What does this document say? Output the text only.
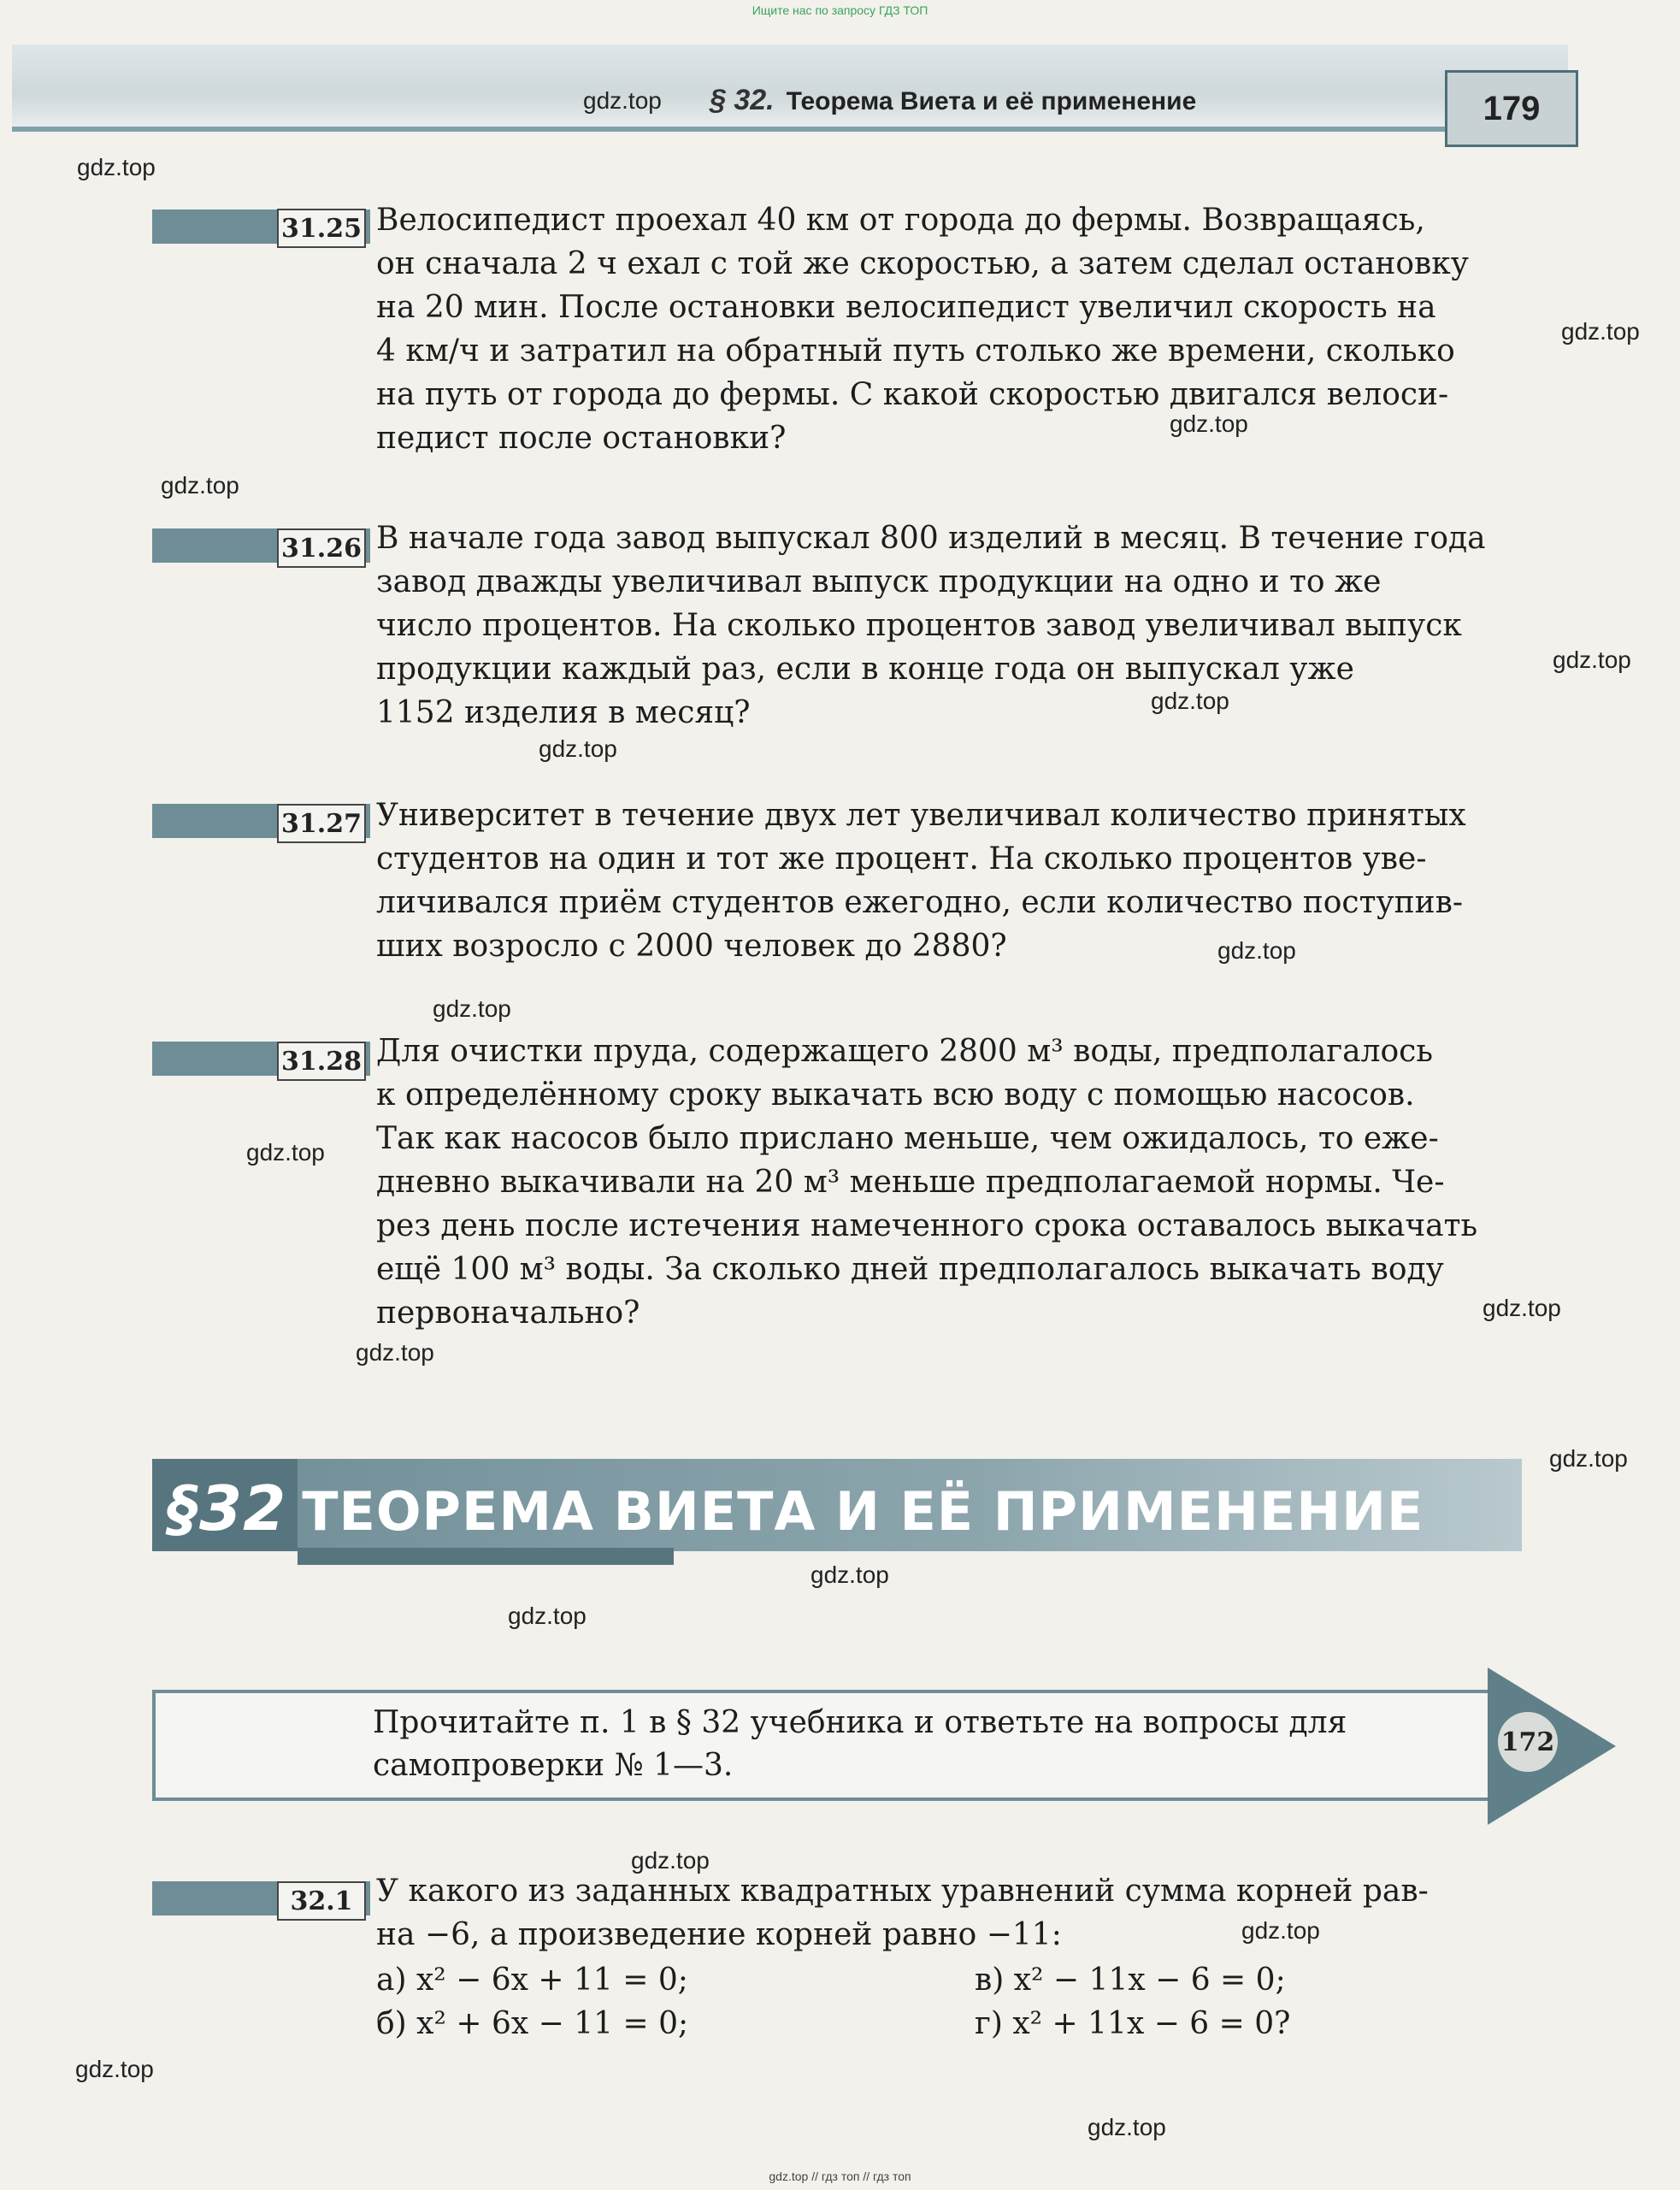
Ищите нас по запросу ГДЗ ТОП
§ 32. Теорема Виета и её применение	179
gdz.top
gdz.top
gdz.top
gdz.top
gdz.top
gdz.top
gdz.top
gdz.top
gdz.top
gdz.top
gdz.top
gdz.top
gdz.top
gdz.top
gdz.top
gdz.top
gdz.top
gdz.top
gdz.top
gdz.top
31.25 Велосипедист проехал 40 км от города до фермы. Возвращаясь,
он сначала 2 ч ехал с той же скоростью, а затем сделал остановку
на 20 мин. После остановки велосипедист увеличил скорость на
4 км/ч и затратил на обратный путь столько же времени, сколько
на путь от города до фермы. С какой скоростью двигался велоси-
педист после остановки?

31.26 В начале года завод выпускал 800 изделий в месяц. В течение года
завод дважды увеличивал выпуск продукции на одно и то же
число процентов. На сколько процентов завод увеличивал выпуск
продукции каждый раз, если в конце года он выпускал уже
1152 изделия в месяц?

31.27 Университет в течение двух лет увеличивал количество принятых
студентов на один и тот же процент. На сколько процентов уве-
личивался приём студентов ежегодно, если количество поступив-
ших возросло с 2000 человек до 2880?

31.28 Для очистки пруда, содержащего 2800 м³ воды, предполагалось
к определённому сроку выкачать всю воду с помощью насосов.
Так как насосов было прислано меньше, чем ожидалось, то еже-
дневно выкачивали на 20 м³ меньше предполагаемой нормы. Че-
рез день после истечения намеченного срока оставалось выкачать
ещё 100 м³ воды. За сколько дней предполагалось выкачать воду
первоначально?

§32 ТЕОРЕМА ВИЕТА И ЕЁ ПРИМЕНЕНИЕ

Прочитайте п. 1 в § 32 учебника и ответьте на вопросы для
самопроверки № 1—3.

172
32.1 У какого из заданных квадратных уравнений сумма корней рав-
на −6, а произведение корней равно −11:

а) x² − 6x + 11 = 0;	в) x² − 11x − 6 = 0;
б) x² + 6x − 11 = 0;	г) x² + 11x − 6 = 0?
gdz.top // гдз топ // гдз топ
